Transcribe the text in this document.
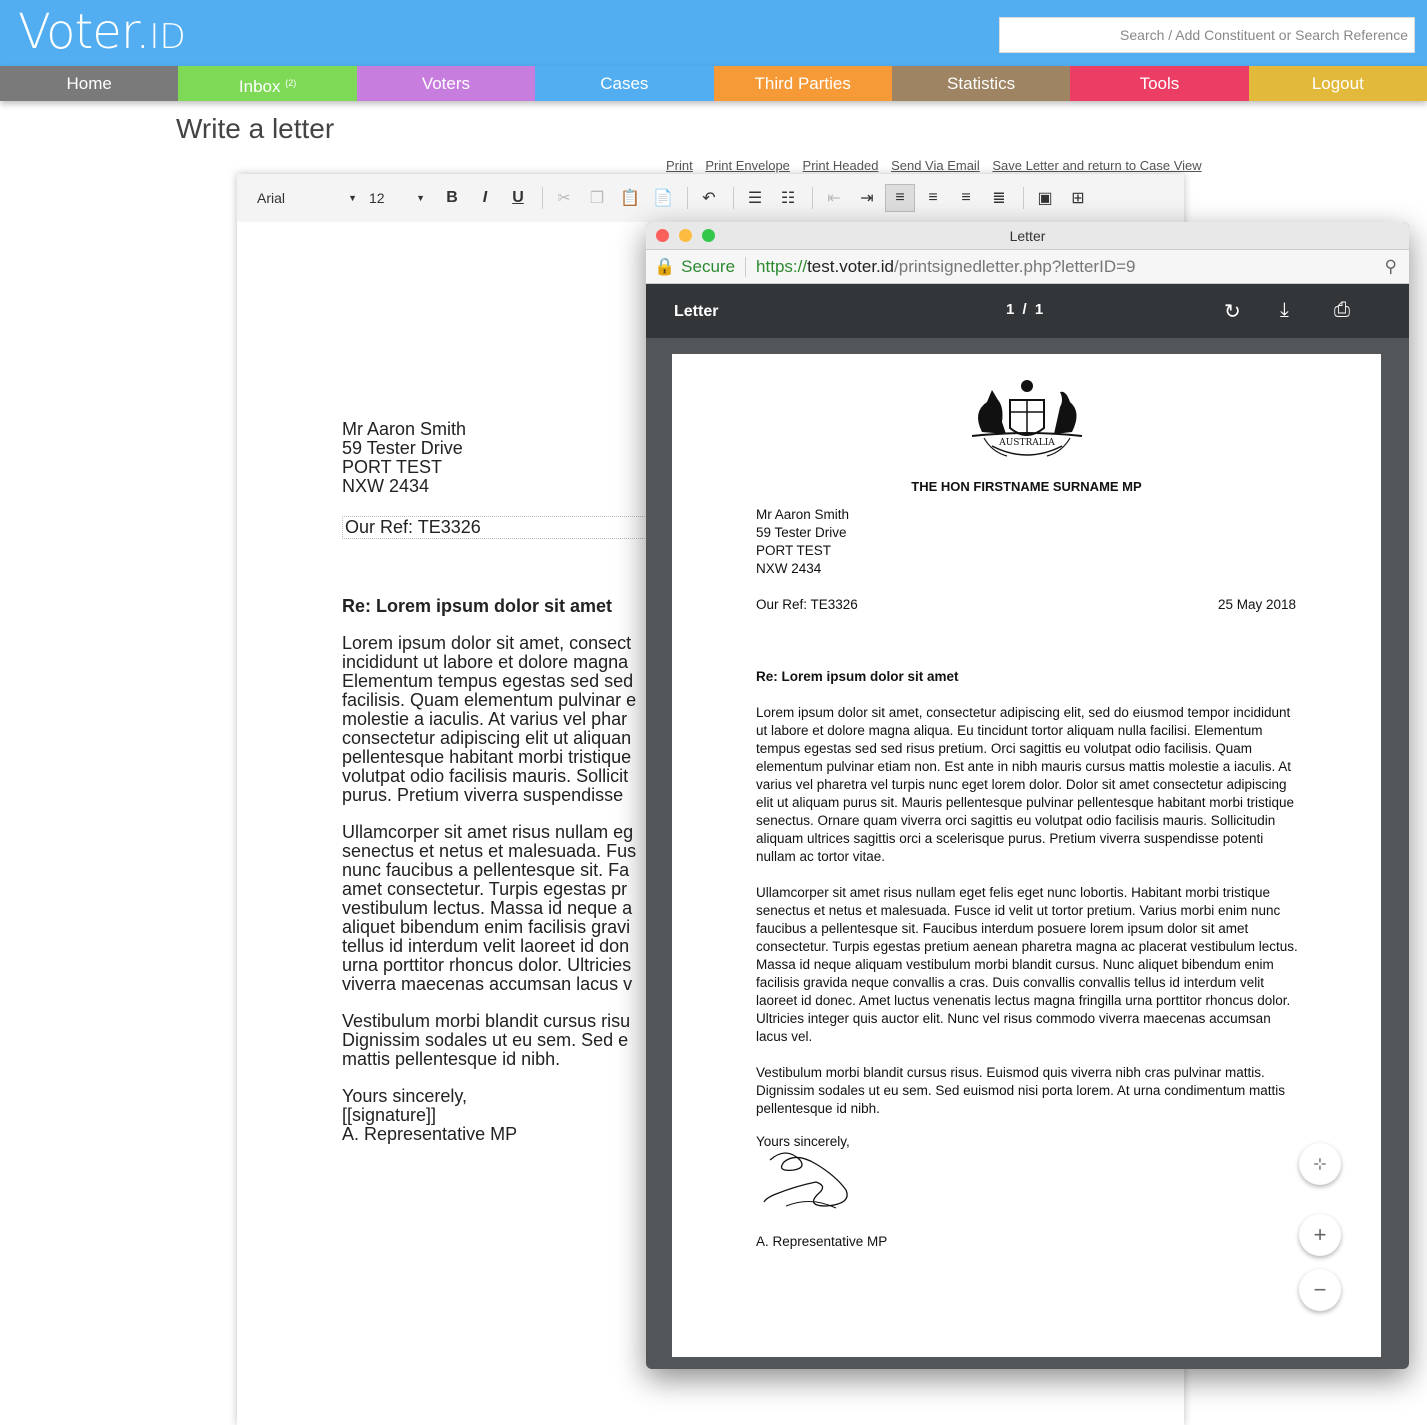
Voter.ID	Search / Add Constituent or Search Reference
Home	Inbox $^{(2)}$	Voters	Cases	Third Parties	Statistics	Tools	Logout
Write a letter
Print Print Envelope Print Headed Send Via Email Save Letter and return to Case View
Arial	▼ 12	▼	B	I	U	✂	❐ 📋 📄	↶	☰	☷	⇤	⇥	≡	≡	≡	≣	▣	⊞
Mr Aaron Smith
59 Tester Drive
PORT TEST
NXW 2434
Our Ref: TE3326
Re: Lorem ipsum dolor sit amet

Lorem ipsum dolor sit amet, consect
incididunt ut labore et dolore magna
Elementum tempus egestas sed sed
facilisis. Quam elementum pulvinar e
molestie a iaculis. At varius vel phar
consectetur adipiscing elit ut aliquan
pellentesque habitant morbi tristique
volutpat odio facilisis mauris. Sollicit
purus. Pretium viverra suspendisse

Ullamcorper sit amet risus nullam eg
senectus et netus et malesuada. Fus
nunc faucibus a pellentesque sit. Fa
amet consectetur. Turpis egestas pr
vestibulum lectus. Massa id neque a
aliquet bibendum enim facilisis gravi
tellus id interdum velit laoreet id don
urna porttitor rhoncus dolor. Ultricies
viverra maecenas accumsan lacus v

Vestibulum morbi blandit cursus risu
Dignissim sodales ut eu sem. Sed e
mattis pellentesque id nibh.

Yours sincerely,
[[signature]]
A. Representative MP

Letter
🔒 Secure	https:// test.voter.id /printsignedletter.php?letterID=9	⚲
Letter	1 / 1	↻ ⤓ ⎙
AUSTRALIA
THE HON FIRSTNAME SURNAME MP
Mr Aaron Smith
59 Tester Drive
PORT TEST
NXW 2434
Our Ref: TE3326	25 May 2018
Re: Lorem ipsum dolor sit amet

Lorem ipsum dolor sit amet, consectetur adipiscing elit, sed do eiusmod tempor incididunt ut labore et dolore magna aliqua. Eu tincidunt tortor aliquam nulla facilisi. Elementum tempus egestas sed sed risus pretium. Orci sagittis eu volutpat odio facilisis. Quam elementum pulvinar etiam non. Est ante in nibh mauris cursus mattis molestie a iaculis. At varius vel pharetra vel turpis nunc eget lorem dolor. Dolor sit amet consectetur adipiscing elit ut aliquam purus sit. Mauris pellentesque pulvinar pellentesque habitant morbi tristique senectus. Ornare quam viverra orci sagittis eu volutpat odio facilisis mauris. Sollicitudin aliquam ultrices sagittis orci a scelerisque purus. Pretium viverra suspendisse potenti nullam ac tortor vitae.

Ullamcorper sit amet risus nullam eget felis eget nunc lobortis. Habitant morbi tristique senectus et netus et malesuada. Fusce id velit ut tortor pretium. Varius morbi enim nunc faucibus a pellentesque sit. Faucibus interdum posuere lorem ipsum dolor sit amet consectetur. Turpis egestas pretium aenean pharetra magna ac placerat vestibulum lectus. Massa id neque aliquam vestibulum morbi blandit cursus. Nunc aliquet bibendum enim facilisis gravida neque convallis a cras. Duis convallis convallis tellus id interdum velit laoreet id donec. Amet luctus venenatis lectus magna fringilla urna porttitor rhoncus dolor. Ultricies integer quis auctor elit. Nunc vel risus commodo viverra maecenas accumsan lacus vel.

Vestibulum morbi blandit cursus risus. Euismod quis viverra nibh cras pulvinar mattis. Dignissim sodales ut eu sem. Sed euismod nisi porta lorem. At urna condimentum mattis pellentesque id nibh.

Yours sincerely,
A. Representative MP
⊹
+
−
